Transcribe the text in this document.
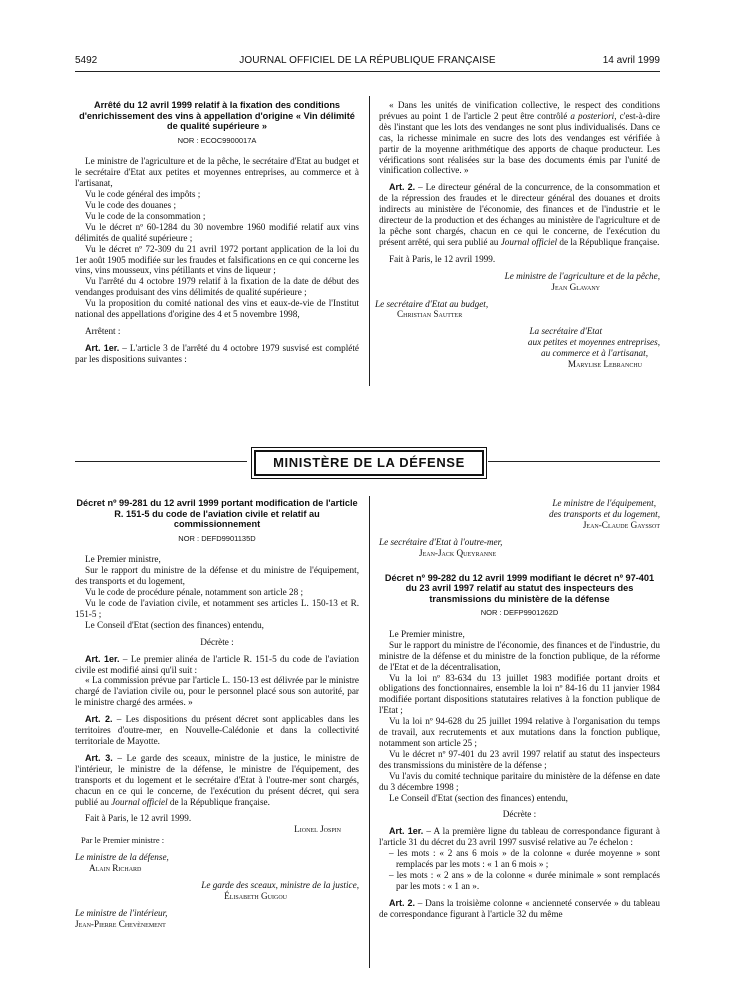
JOURNAL OFFICIEL DE LA RÉPUBLIQUE FRANÇAISE
5492	14 avril 1999

Arrêté du 12 avril 1999 relatif à la fixation des conditions d'enrichissement des vins à appellation d'origine « Vin délimité de qualité supérieure »

NOR : ECOC9900017A

Le ministre de l'agriculture et de la pêche, le secrétaire d'Etat au budget et le secrétaire d'Etat aux petites et moyennes entreprises, au commerce et à l'artisanat,

Vu le code général des impôts ;

Vu le code des douanes ;

Vu le code de la consommation ;

Vu le décret nº 60-1284 du 30 novembre 1960 modifié relatif aux vins délimités de qualité supérieure ;

Vu le décret nº 72-309 du 21 avril 1972 portant application de la loi du 1er août 1905 modifiée sur les fraudes et falsifications en ce qui concerne les vins, vins mousseux, vins pétillants et vins de liqueur ;

Vu l'arrêté du 4 octobre 1979 relatif à la fixation de la date de début des vendanges produisant des vins délimités de qualité supérieure ;

Vu la proposition du comité national des vins et eaux-de-vie de l'Institut national des appellations d'origine des 4 et 5 novembre 1998,

Arrêtent :

Art. 1er. – L'article 3 de l'arrêté du 4 octobre 1979 susvisé est complété par les dispositions suivantes :

« Dans les unités de vinification collective, le respect des conditions prévues au point 1 de l'article 2 peut être contrôlé a posteriori, c'est-à-dire dès l'instant que les lots des vendanges ne sont plus individualisés. Dans ce cas, la richesse minimale en sucre des lots des vendanges est vérifiée à partir de la moyenne arithmétique des apports de chaque producteur. Les vérifications sont réalisées sur la base des documents émis par l'unité de vinification collective. »

Art. 2. – Le directeur général de la concurrence, de la consommation et de la répression des fraudes et le directeur général des douanes et droits indirects au ministère de l'économie, des finances et de l'industrie et le directeur de la production et des échanges au ministère de l'agriculture et de la pêche sont chargés, chacun en ce qui le concerne, de l'exécution du présent arrêté, qui sera publié au Journal officiel de la République française.

Fait à Paris, le 12 avril 1999.

Le ministre de l'agriculture et de la pêche,

Jean Glavany

Le secrétaire d'Etat au budget,

Christian Sautter

La secrétaire d'Etat

aux petites et moyennes entreprises,

au commerce et à l'artisanat,

Marylise Lebranchu

MINISTÈRE DE LA DÉFENSE

Décret nº 99-281 du 12 avril 1999 portant modification de l'article R. 151-5 du code de l'aviation civile et relatif au commissionnement

NOR : DEFD9901135D

Le Premier ministre,

Sur le rapport du ministre de la défense et du ministre de l'équipement, des transports et du logement,

Vu le code de procédure pénale, notamment son article 28 ;

Vu le code de l'aviation civile, et notamment ses articles L. 150-13 et R. 151-5 ;

Le Conseil d'Etat (section des finances) entendu,

Décrète :

Art. 1er. – Le premier alinéa de l'article R. 151-5 du code de l'aviation civile est modifié ainsi qu'il suit :

« La commission prévue par l'article L. 150-13 est délivrée par le ministre chargé de l'aviation civile ou, pour le personnel placé sous son autorité, par le ministre chargé des armées. »

Art. 2. – Les dispositions du présent décret sont applicables dans les territoires d'outre-mer, en Nouvelle-Calédonie et dans la collectivité territoriale de Mayotte.

Art. 3. – Le garde des sceaux, ministre de la justice, le ministre de l'intérieur, le ministre de la défense, le ministre de l'équipement, des transports et du logement et le secrétaire d'Etat à l'outre-mer sont chargés, chacun en ce qui le concerne, de l'exécution du présent décret, qui sera publié au Journal officiel de la République française.

Fait à Paris, le 12 avril 1999.

Lionel Jospin

Par le Premier ministre :

Le ministre de la défense,

Alain Richard

Le garde des sceaux, ministre de la justice,

Élisabeth Guigou

Le ministre de l'intérieur,

Jean-Pierre Chevènement

Le ministre de l'équipement,

des transports et du logement,

Jean-Claude Gayssot

Le secrétaire d'Etat à l'outre-mer,

Jean-Jack Queyranne

Décret nº 99-282 du 12 avril 1999 modifiant le décret nº 97-401 du 23 avril 1997 relatif au statut des inspecteurs des transmissions du ministère de la défense

NOR : DEFP9901262D

Le Premier ministre,

Sur le rapport du ministre de l'économie, des finances et de l'industrie, du ministre de la défense et du ministre de la fonction publique, de la réforme de l'Etat et de la décentralisation,

Vu la loi nº 83-634 du 13 juillet 1983 modifiée portant droits et obligations des fonctionnaires, ensemble la loi nº 84-16 du 11 janvier 1984 modifiée portant dispositions statutaires relatives à la fonction publique de l'Etat ;

Vu la loi nº 94-628 du 25 juillet 1994 relative à l'organisation du temps de travail, aux recrutements et aux mutations dans la fonction publique, notamment son article 25 ;

Vu le décret nº 97-401 du 23 avril 1997 relatif au statut des inspecteurs des transmissions du ministère de la défense ;

Vu l'avis du comité technique paritaire du ministère de la défense en date du 3 décembre 1998 ;

Le Conseil d'Etat (section des finances) entendu,

Décrète :

Art. 1er. – A la première ligne du tableau de correspondance figurant à l'article 31 du décret du 23 avril 1997 susvisé relative au 7e échelon :

– les mots : « 2 ans 6 mois » de la colonne « durée moyenne » sont remplacés par les mots : « 1 an 6 mois » ;
– les mots : « 2 ans » de la colonne « durée minimale » sont remplacés par les mots : « 1 an ».

Art. 2. – Dans la troisième colonne « ancienneté conservée » du tableau de correspondance figurant à l'article 32 du même
